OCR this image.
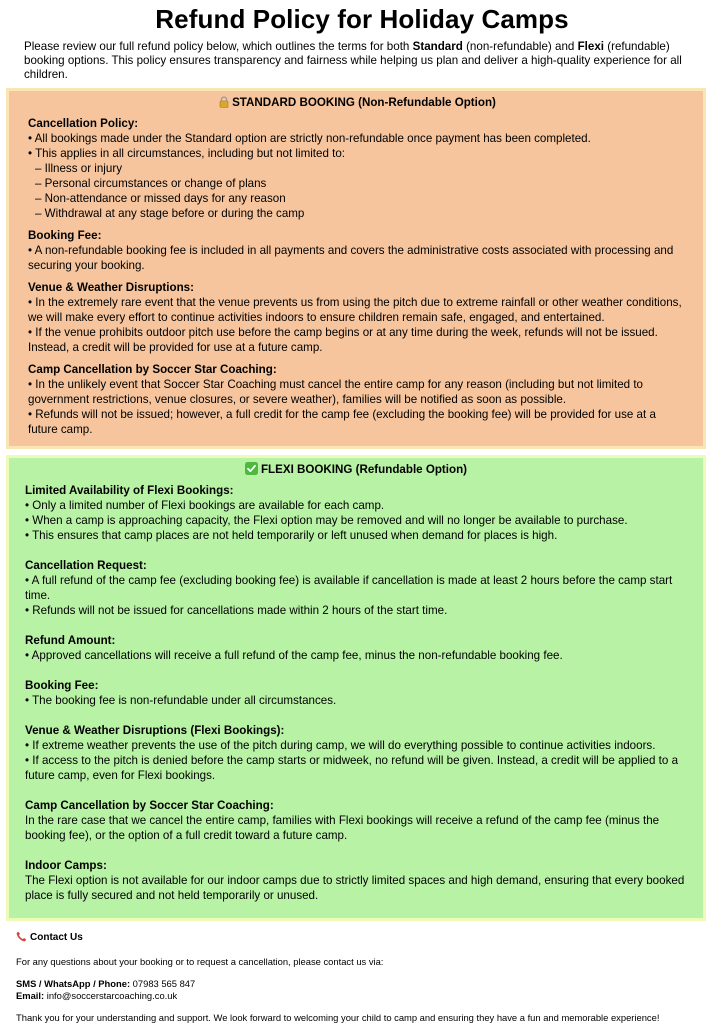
Refund Policy for Holiday Camps
Please review our full refund policy below, which outlines the terms for both Standard (non-refundable) and Flexi (refundable) booking options. This policy ensures transparency and fairness while helping us plan and deliver a high-quality experience for all children.
STANDARD BOOKING (Non-Refundable Option)
Cancellation Policy:
• All bookings made under the Standard option are strictly non-refundable once payment has been completed.
• This applies in all circumstances, including but not limited to:
– Illness or injury
– Personal circumstances or change of plans
– Non-attendance or missed days for any reason
– Withdrawal at any stage before or during the camp
Booking Fee:
• A non-refundable booking fee is included in all payments and covers the administrative costs associated with processing and securing your booking.
Venue & Weather Disruptions:
• In the extremely rare event that the venue prevents us from using the pitch due to extreme rainfall or other weather conditions, we will make every effort to continue activities indoors to ensure children remain safe, engaged, and entertained.
• If the venue prohibits outdoor pitch use before the camp begins or at any time during the week, refunds will not be issued. Instead, a credit will be provided for use at a future camp.
Camp Cancellation by Soccer Star Coaching:
• In the unlikely event that Soccer Star Coaching must cancel the entire camp for any reason (including but not limited to government restrictions, venue closures, or severe weather), families will be notified as soon as possible.
• Refunds will not be issued; however, a full credit for the camp fee (excluding the booking fee) will be provided for use at a future camp.
FLEXI BOOKING (Refundable Option)
Limited Availability of Flexi Bookings:
• Only a limited number of Flexi bookings are available for each camp.
• When a camp is approaching capacity, the Flexi option may be removed and will no longer be available to purchase.
• This ensures that camp places are not held temporarily or left unused when demand for places is high.
Cancellation Request:
• A full refund of the camp fee (excluding booking fee) is available if cancellation is made at least 2 hours before the camp start time.
• Refunds will not be issued for cancellations made within 2 hours of the start time.
Refund Amount:
• Approved cancellations will receive a full refund of the camp fee, minus the non-refundable booking fee.
Booking Fee:
• The booking fee is non-refundable under all circumstances.
Venue & Weather Disruptions (Flexi Bookings):
• If extreme weather prevents the use of the pitch during camp, we will do everything possible to continue activities indoors.
• If access to the pitch is denied before the camp starts or midweek, no refund will be given. Instead, a credit will be applied to a future camp, even for Flexi bookings.
Camp Cancellation by Soccer Star Coaching:
In the rare case that we cancel the entire camp, families with Flexi bookings will receive a refund of the camp fee (minus the booking fee), or the option of a full credit toward a future camp.
Indoor Camps:
The Flexi option is not available for our indoor camps due to strictly limited spaces and high demand, ensuring that every booked place is fully secured and not held temporarily or unused.
Contact Us
For any questions about your booking or to request a cancellation, please contact us via:
SMS / WhatsApp / Phone: 07983 565 847
Email: info@soccerstarcoaching.co.uk
Thank you for your understanding and support. We look forward to welcoming your child to camp and ensuring they have a fun and memorable experience!
